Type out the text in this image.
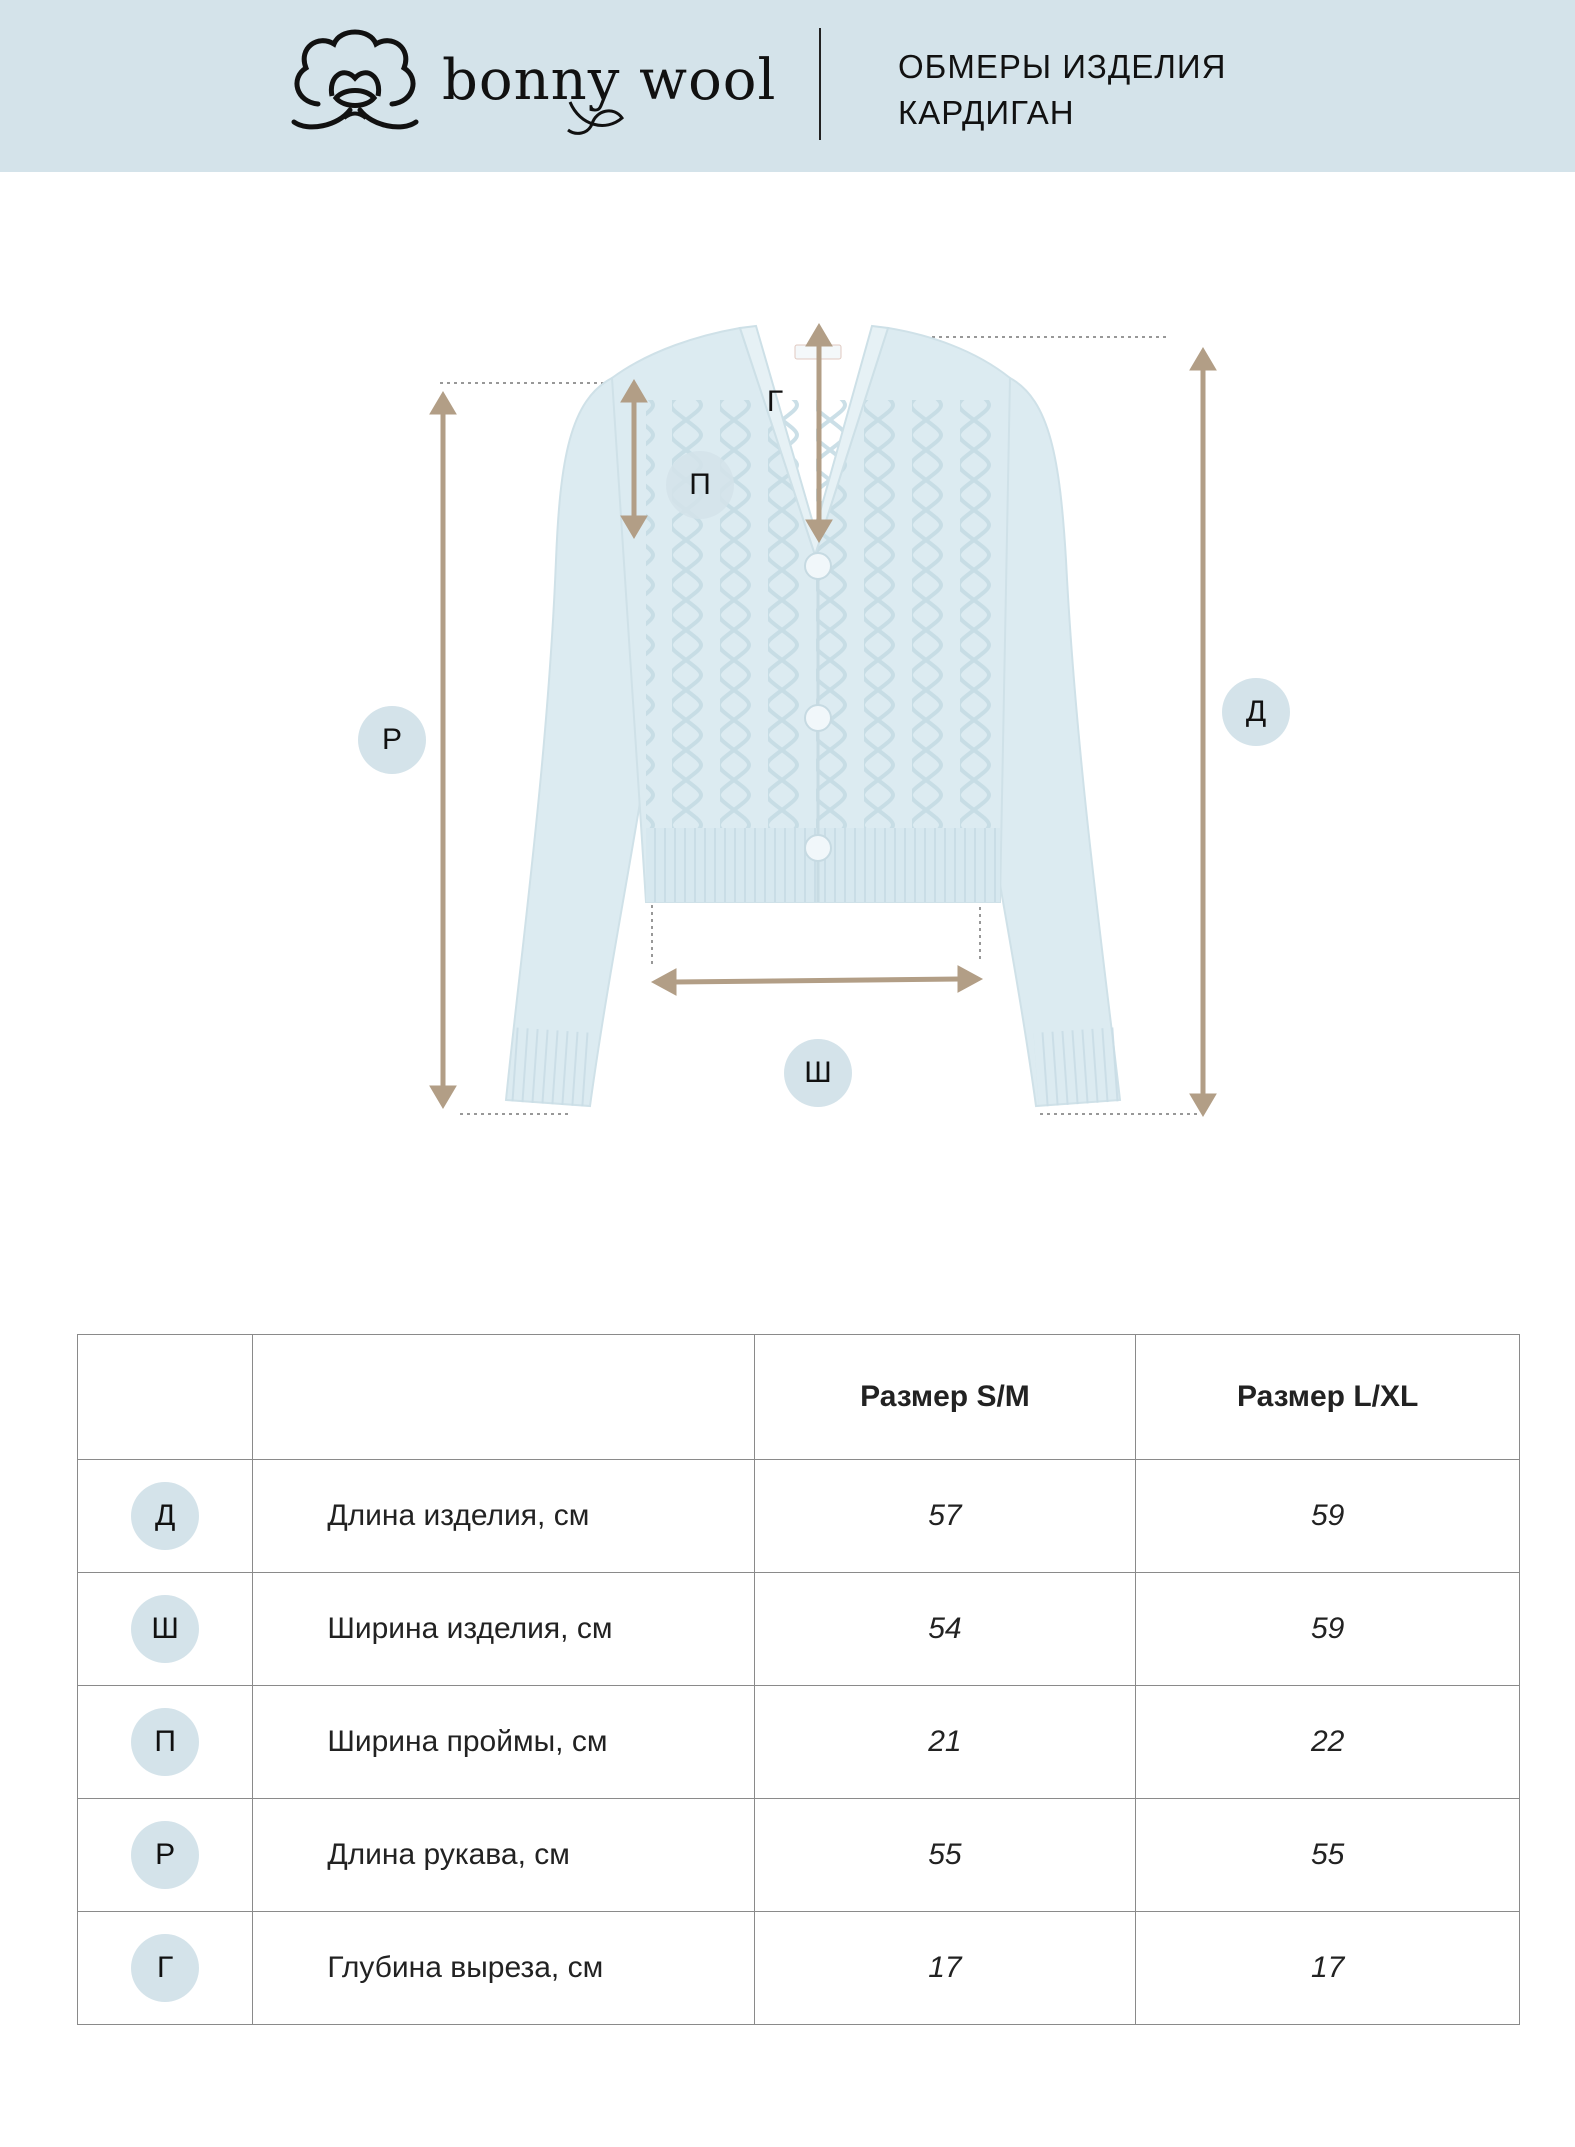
bonny wool	ОБМЕРЫ ИЗДЕЛИЯ
КАРДИГАН
Г
П
Р
Д
Ш
		Размер S/M	Размер L/XL
Д	Длина изделия, см	57	59
Ш	Ширина изделия, см	54	59
П	Ширина проймы, см	21	22
Р	Длина рукава, см	55	55
Г	Глубина выреза, см	17	17
